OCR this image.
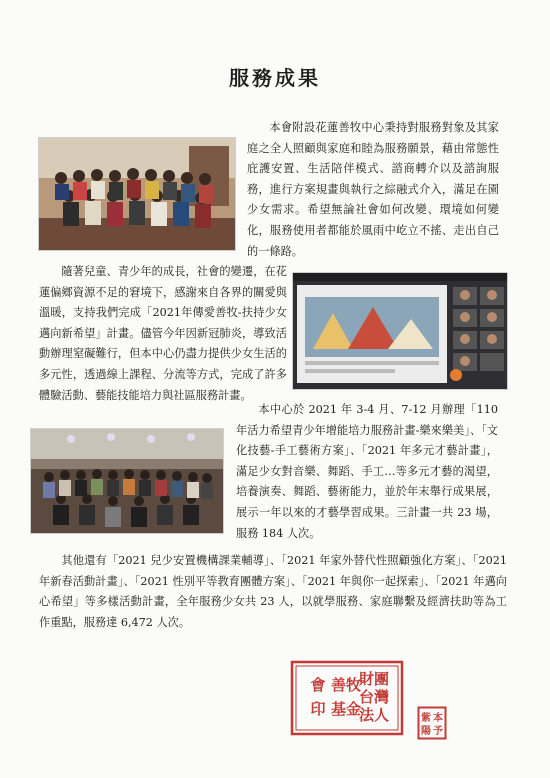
服務成果

本會附設花蓮善牧中心秉持對服務對象及其家庭之全人照顧與家庭和睦為服務願景，藉由常態性庇護安置、生活陪伴模式、諮商轉介以及諮詢服務，進行方案規畫與執行之綜融式介入，滿足在園少女需求。希望無論社會如何改變、環境如何變化，服務使用者都能於風雨中屹立不搖、走出自己的一條路。

隨著兒童、青少年的成長，社會的變遷，在花蓮偏鄉資源不足的窘境下，感謝來自各界的關愛與溫暖，支持我們完成「2021年傳愛善牧-扶持少女邁向新希望」計畫。儘管今年因新冠肺炎，導致活動辦理窒礙難行，但本中心仍盡力提供少女生活的多元性，透過線上課程、分流等方式，完成了許多體驗活動、藝能技能培力與社區服務計畫。

本中心於 2021 年 3-4 月、7-12 月辦理「110年活力希望青少年增能培力服務計畫-樂來樂美」、「文化技藝-手工藝術方案」、「2021 年多元才藝計畫」，滿足少女對音樂、舞蹈、手工…等多元才藝的渴望，培養演奏、舞蹈、藝術能力，並於年末舉行成果展，展示一年以來的才藝學習成果。三計畫一共 23 場，服務 184 人次。

其他還有「2021 兒少安置機構課業輔導」、「2021 年家外替代性照顧強化方案」、「2021 年新春活動計畫」、「2021 性別平等教育團體方案」、「2021 年與你一起探索」、「2021 年邁向心希望」等多樣活動計畫，全年服務少女共 23 人，以就學服務、家庭聯繫及經濟扶助等為工作重點，服務達 6,472 人次。

財團
台灣
法人
善牧
基金
會
印
本
予
紫
陽
